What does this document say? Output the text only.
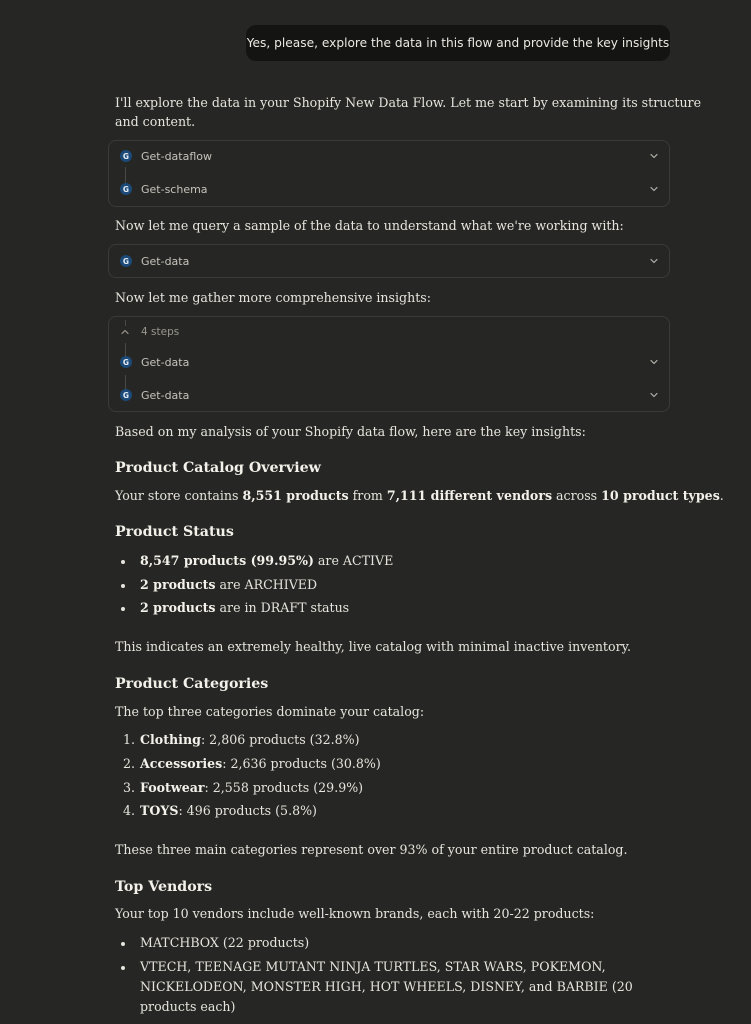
Yes, please, explore the data in this flow and provide the key insights
I'll explore the data in your Shopify New Data Flow. Let me start by examining its structure
and content.
G Get-dataflow
G Get-schema
Now let me query a sample of the data to understand what we're working with:
G Get-data
Now let me gather more comprehensive insights:
4 steps
G Get-data
G Get-data
Based on my analysis of your Shopify data flow, here are the key insights:
Product Catalog Overview
Your store contains 8,551 products from 7,111 different vendors across 10 product types.
Product Status
8,547 products (99.95%) are ACTIVE
2 products are ARCHIVED
2 products are in DRAFT status
This indicates an extremely healthy, live catalog with minimal inactive inventory.
Product Categories
The top three categories dominate your catalog:
1. Clothing: 2,806 products (32.8%)
2. Accessories: 2,636 products (30.8%)
3. Footwear: 2,558 products (29.9%)
4. TOYS: 496 products (5.8%)
These three main categories represent over 93% of your entire product catalog.
Top Vendors
Your top 10 vendors include well-known brands, each with 20-22 products:
MATCHBOX (22 products)
VTECH, TEENAGE MUTANT NINJA TURTLES, STAR WARS, POKEMON, NICKELODEON, MONSTER HIGH, HOT WHEELS, DISNEY, and BARBIE (20 products each)
